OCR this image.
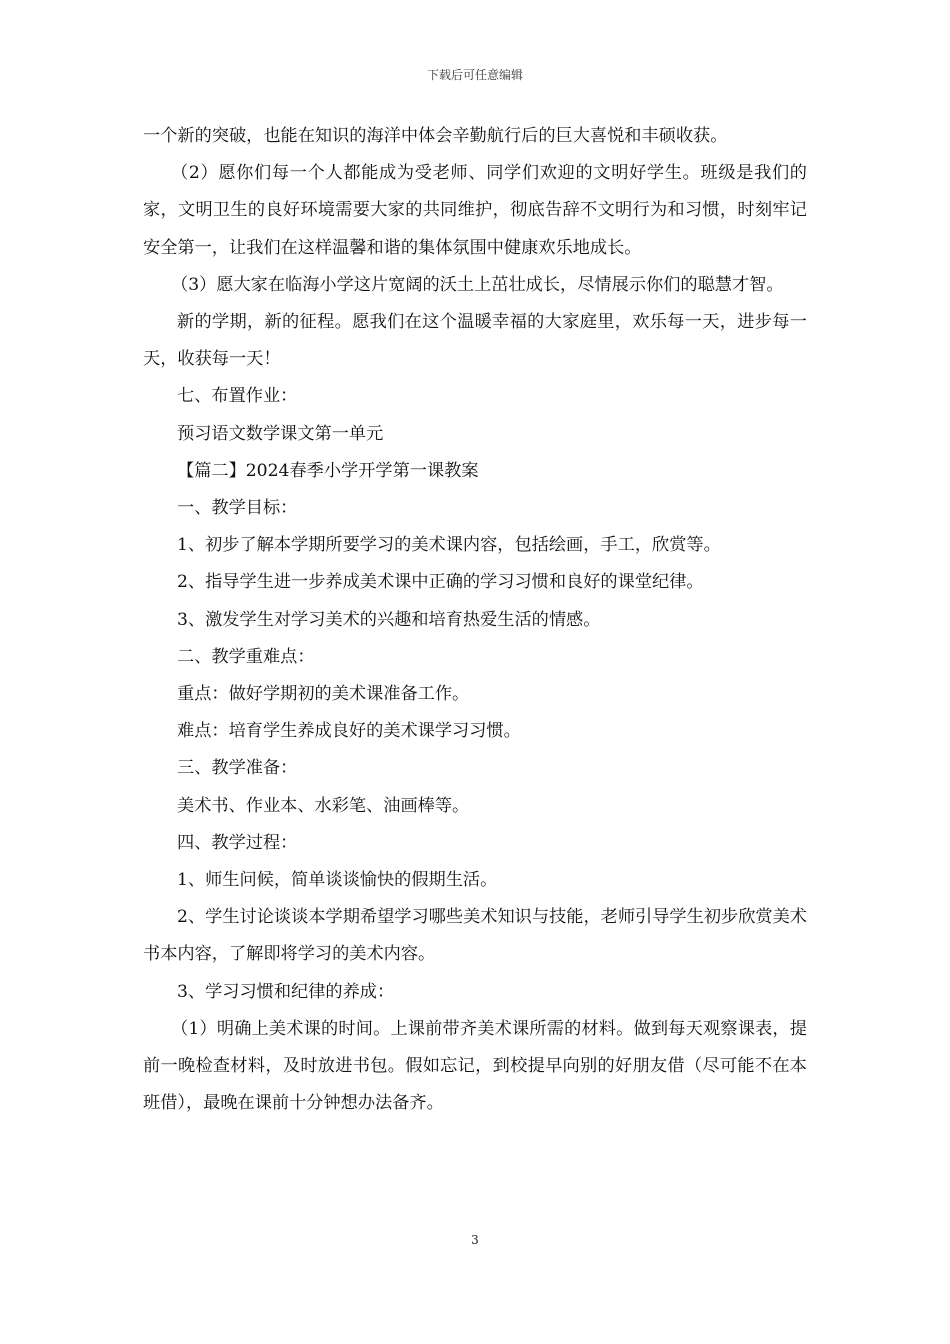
下载后可任意编辑

一个新的突破，也能在知识的海洋中体会辛勤航行后的巨大喜悦和丰硕收获。

（2）愿你们每一个人都能成为受老师、同学们欢迎的文明好学生。班级是我们的家，文明卫生的良好环境需要大家的共同维护，彻底告辞不文明行为和习惯，时刻牢记安全第一，让我们在这样温馨和谐的集体氛围中健康欢乐地成长。

（3）愿大家在临海小学这片宽阔的沃土上茁壮成长，尽情展示你们的聪慧才智。

新的学期，新的征程。愿我们在这个温暖幸福的大家庭里，欢乐每一天，进步每一天，收获每一天！

七、布置作业：

预习语文数学课文第一单元

【篇二】2024春季小学开学第一课教案

一、教学目标：

1、初步了解本学期所要学习的美术课内容，包括绘画，手工，欣赏等。

2、指导学生进一步养成美术课中正确的学习习惯和良好的课堂纪律。

3、激发学生对学习美术的兴趣和培育热爱生活的情感。

二、教学重难点：

重点：做好学期初的美术课准备工作。

难点：培育学生养成良好的美术课学习习惯。

三、教学准备：

美术书、作业本、水彩笔、油画棒等。

四、教学过程：

1、师生问候，简单谈谈愉快的假期生活。

2、学生讨论谈谈本学期希望学习哪些美术知识与技能，老师引导学生初步欣赏美术书本内容，了解即将学习的美术内容。

3、学习习惯和纪律的养成：

（1）明确上美术课的时间。上课前带齐美术课所需的材料。做到每天观察课表，提前一晚检查材料，及时放进书包。假如忘记，到校提早向别的好朋友借（尽可能不在本班借），最晚在课前十分钟想办法备齐。

3
